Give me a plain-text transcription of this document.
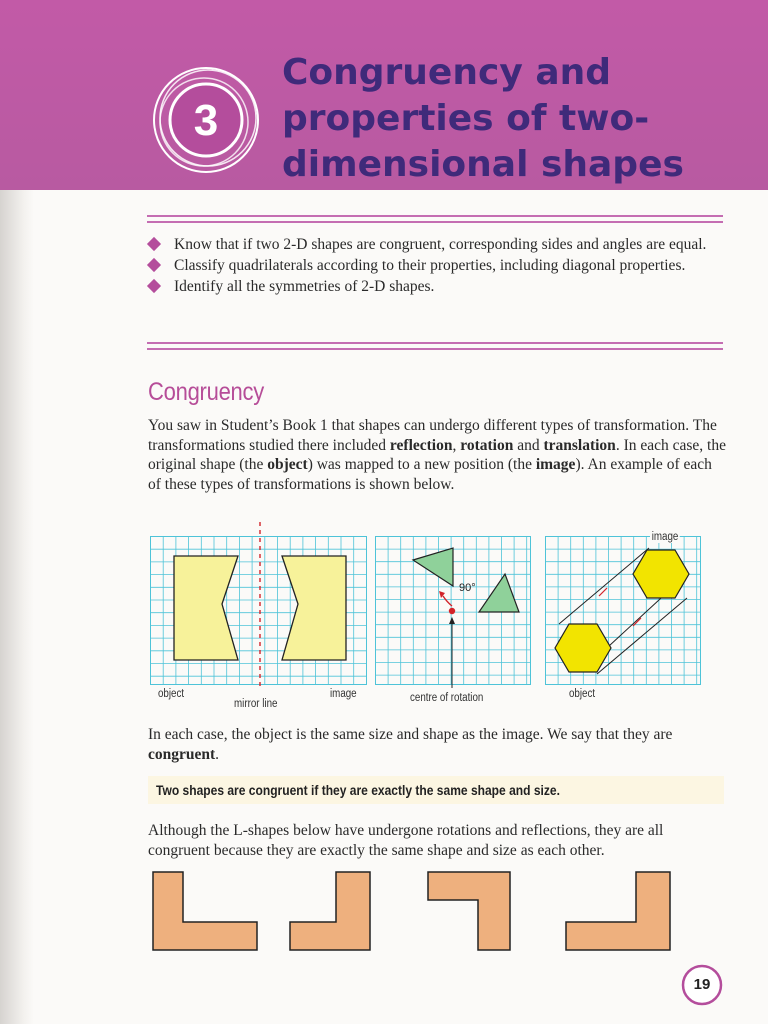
3
Congruency and
properties of two-
dimensional shapes
Know that if two 2-D shapes are congruent, corresponding sides and angles are equal.
Classify quadrilaterals according to their properties, including diagonal properties.
Identify all the symmetries of 2-D shapes.
Congruency

You saw in Student’s Book 1 that shapes can undergo different types of transformation. The transformations studied there included reflection, rotation and translation. In each case, the original shape (the object) was mapped to a new position (the image). An example of each of these types of transformations is shown below.

object
mirror line
image
90°
centre of rotation
image
object

In each case, the object is the same size and shape as the image. We say that they are congruent.

Two shapes are congruent if they are exactly the same shape and size.

Although the L-shapes below have undergone rotations and reflections, they are all congruent because they are exactly the same shape and size as each other.

19
